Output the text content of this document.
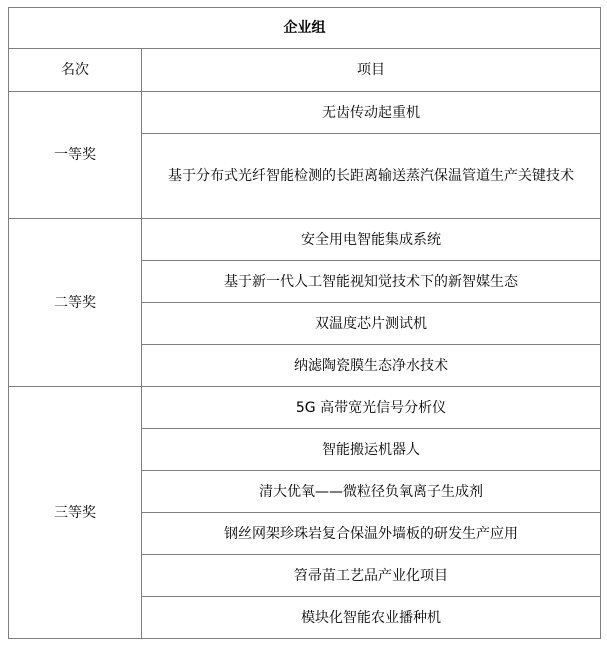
企业组	
名次	项目
一等奖	无齿传动起重机
	基于分布式光纤智能检测的长距离输送蒸汽保温管道生产关键技术
二等奖	安全用电智能集成系统
	基于新一代人工智能视知觉技术下的新智媒生态
	双温度芯片测试机
	纳滤陶瓷膜生态净水技术
三等奖	5G 高带宽光信号分析仪
	智能搬运机器人
	清大优氧——微粒径负氧离子生成剂
	钢丝网架珍珠岩复合保温外墙板的研发生产应用
	笤帚苗工艺品产业化项目
	模块化智能农业播种机
